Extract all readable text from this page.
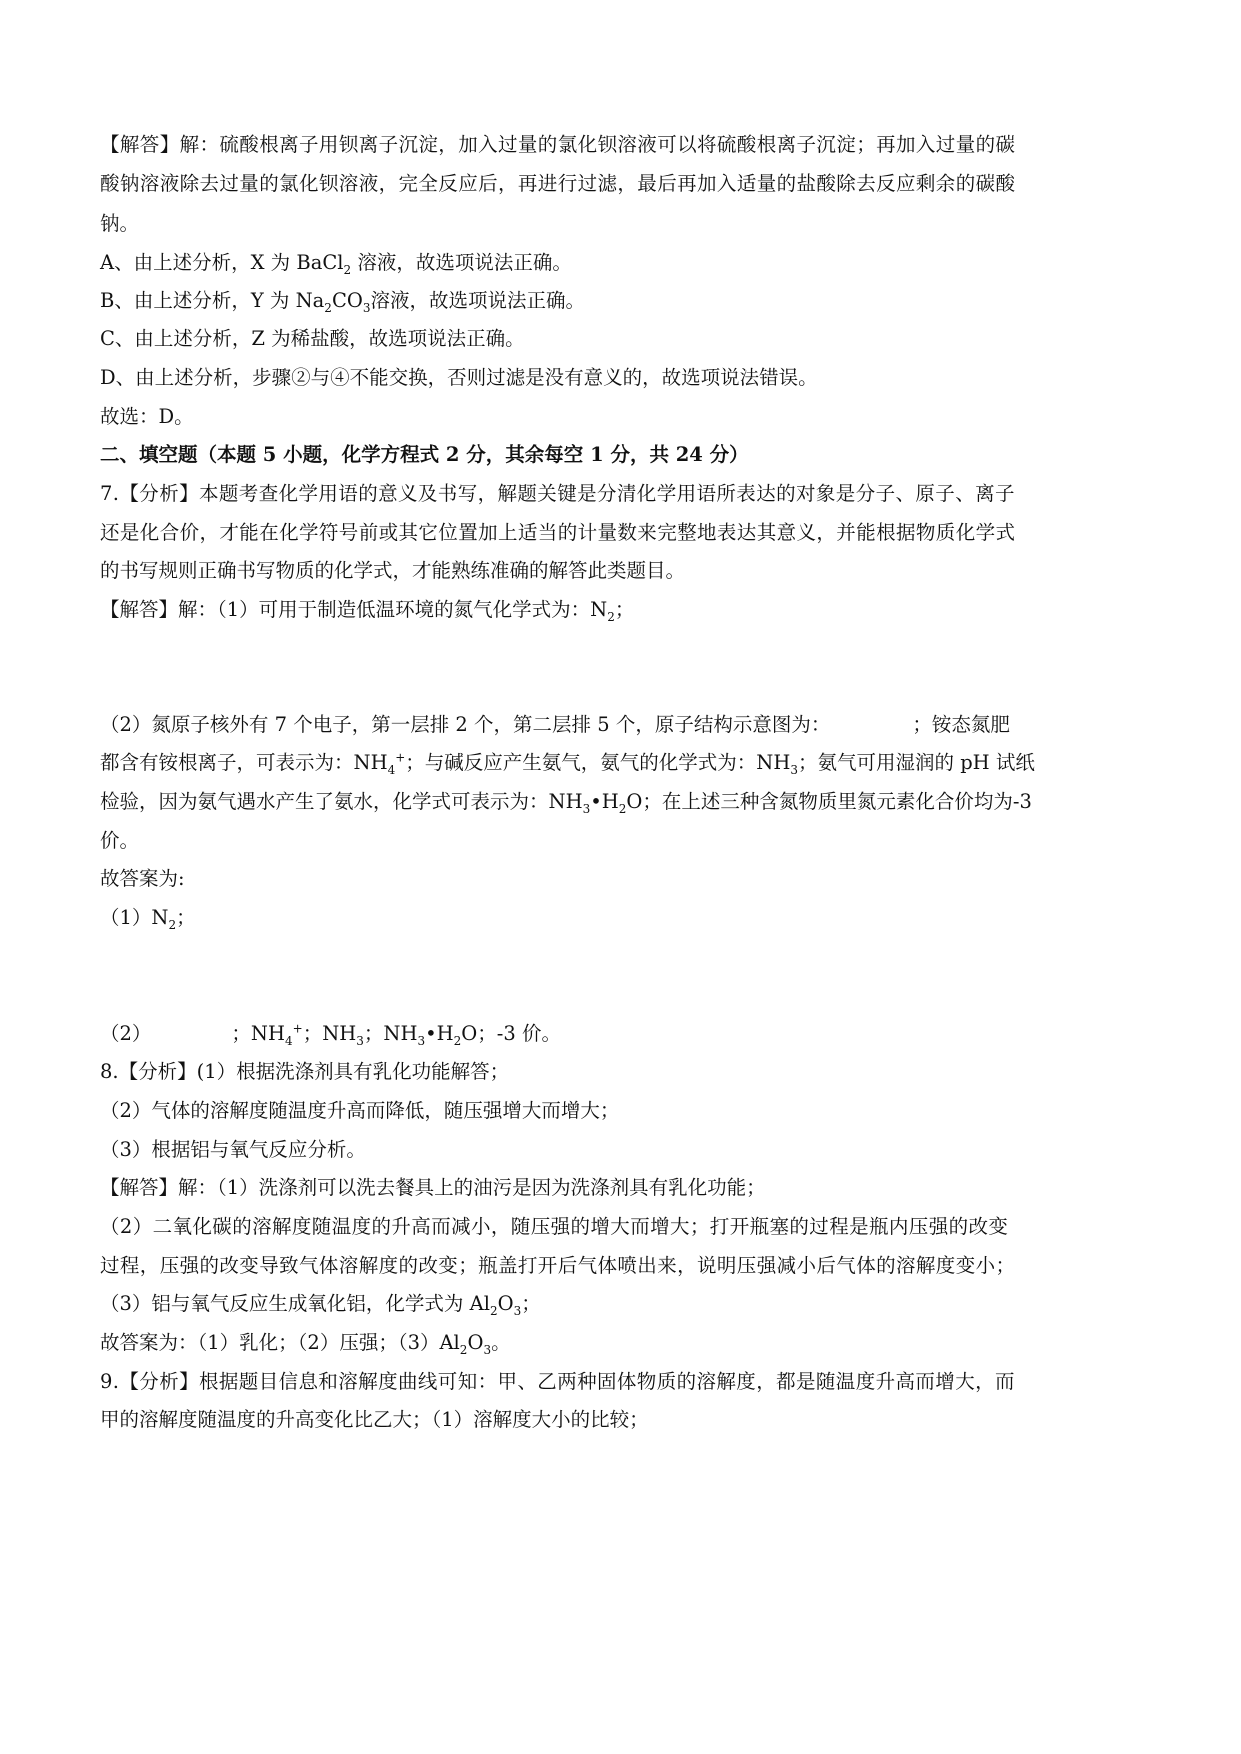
【解答】解：硫酸根离子用钡离子沉淀，加入过量的氯化钡溶液可以将硫酸根离子沉淀；再加入过量的碳
酸钠溶液除去过量的氯化钡溶液，完全反应后，再进行过滤，最后再加入适量的盐酸除去反应剩余的碳酸
钠。
A、由上述分析，X 为 BaCl$_2$ 溶液，故选项说法正确。
B、由上述分析，Y 为 $Na_2CO_3$溶液，故选项说法正确。
C、由上述分析，Z 为稀盐酸，故选项说法正确。
D、由上述分析，步骤②与④不能交换，否则过滤是没有意义的，故选项说法错误。
故选：D。
二、填空题（本题 5 小题，化学方程式 2 分，其余每空 1 分，共 24 分）
7.【分析】本题考查化学用语的意义及书写，解题关键是分清化学用语所表达的对象是分子、原子、离子
还是化合价，才能在化学符号前或其它位置加上适当的计量数来完整地表达其意义，并能根据物质化学式
的书写规则正确书写物质的化学式，才能熟练准确的解答此类题目。
【解答】解：（1）可用于制造低温环境的氮气化学式为：$N_2$；
（2）氮原子核外有 7 个电子，第一层排 2 个，第二层排 5 个，原子结构示意图为：	；铵态氮肥
都含有铵根离子，可表示为：$NH_4^+$；与碱反应产生氨气，氨气的化学式为：$NH_3$；氨气可用湿润的 pH 试纸
检验，因为氨气遇水产生了氨水，化学式可表示为：$NH_3•H_2O$；在上述三种含氮物质里氮元素化合价均为-3
价。
故答案为:
$(1)N_2$；
（2）	；$NH_4^+$；$NH_3$；$NH_3•H_2O$；-3 价。
8.【分析】(1）根据洗涤剂具有乳化功能解答；
（2）气体的溶解度随温度升高而降低，随压强增大而增大；
（3）根据铝与氧气反应分析。
【解答】解：（1）洗涤剂可以洗去餐具上的油污是因为洗涤剂具有乳化功能；
（2）二氧化碳的溶解度随温度的升高而减小，随压强的增大而增大；打开瓶塞的过程是瓶内压强的改变
过程，压强的改变导致气体溶解度的改变；瓶盖打开后气体喷出来，说明压强减小后气体的溶解度变小；
（3）铝与氧气反应生成氧化铝，化学式为 $Al_2O_3$；
故答案为：（1）乳化；（2）压强；$(3)Al_2O_3$。
9.【分析】根据题目信息和溶解度曲线可知：甲、乙两种固体物质的溶解度，都是随温度升高而增大，而
甲的溶解度随温度的升高变化比乙大；（1）溶解度大小的比较；
